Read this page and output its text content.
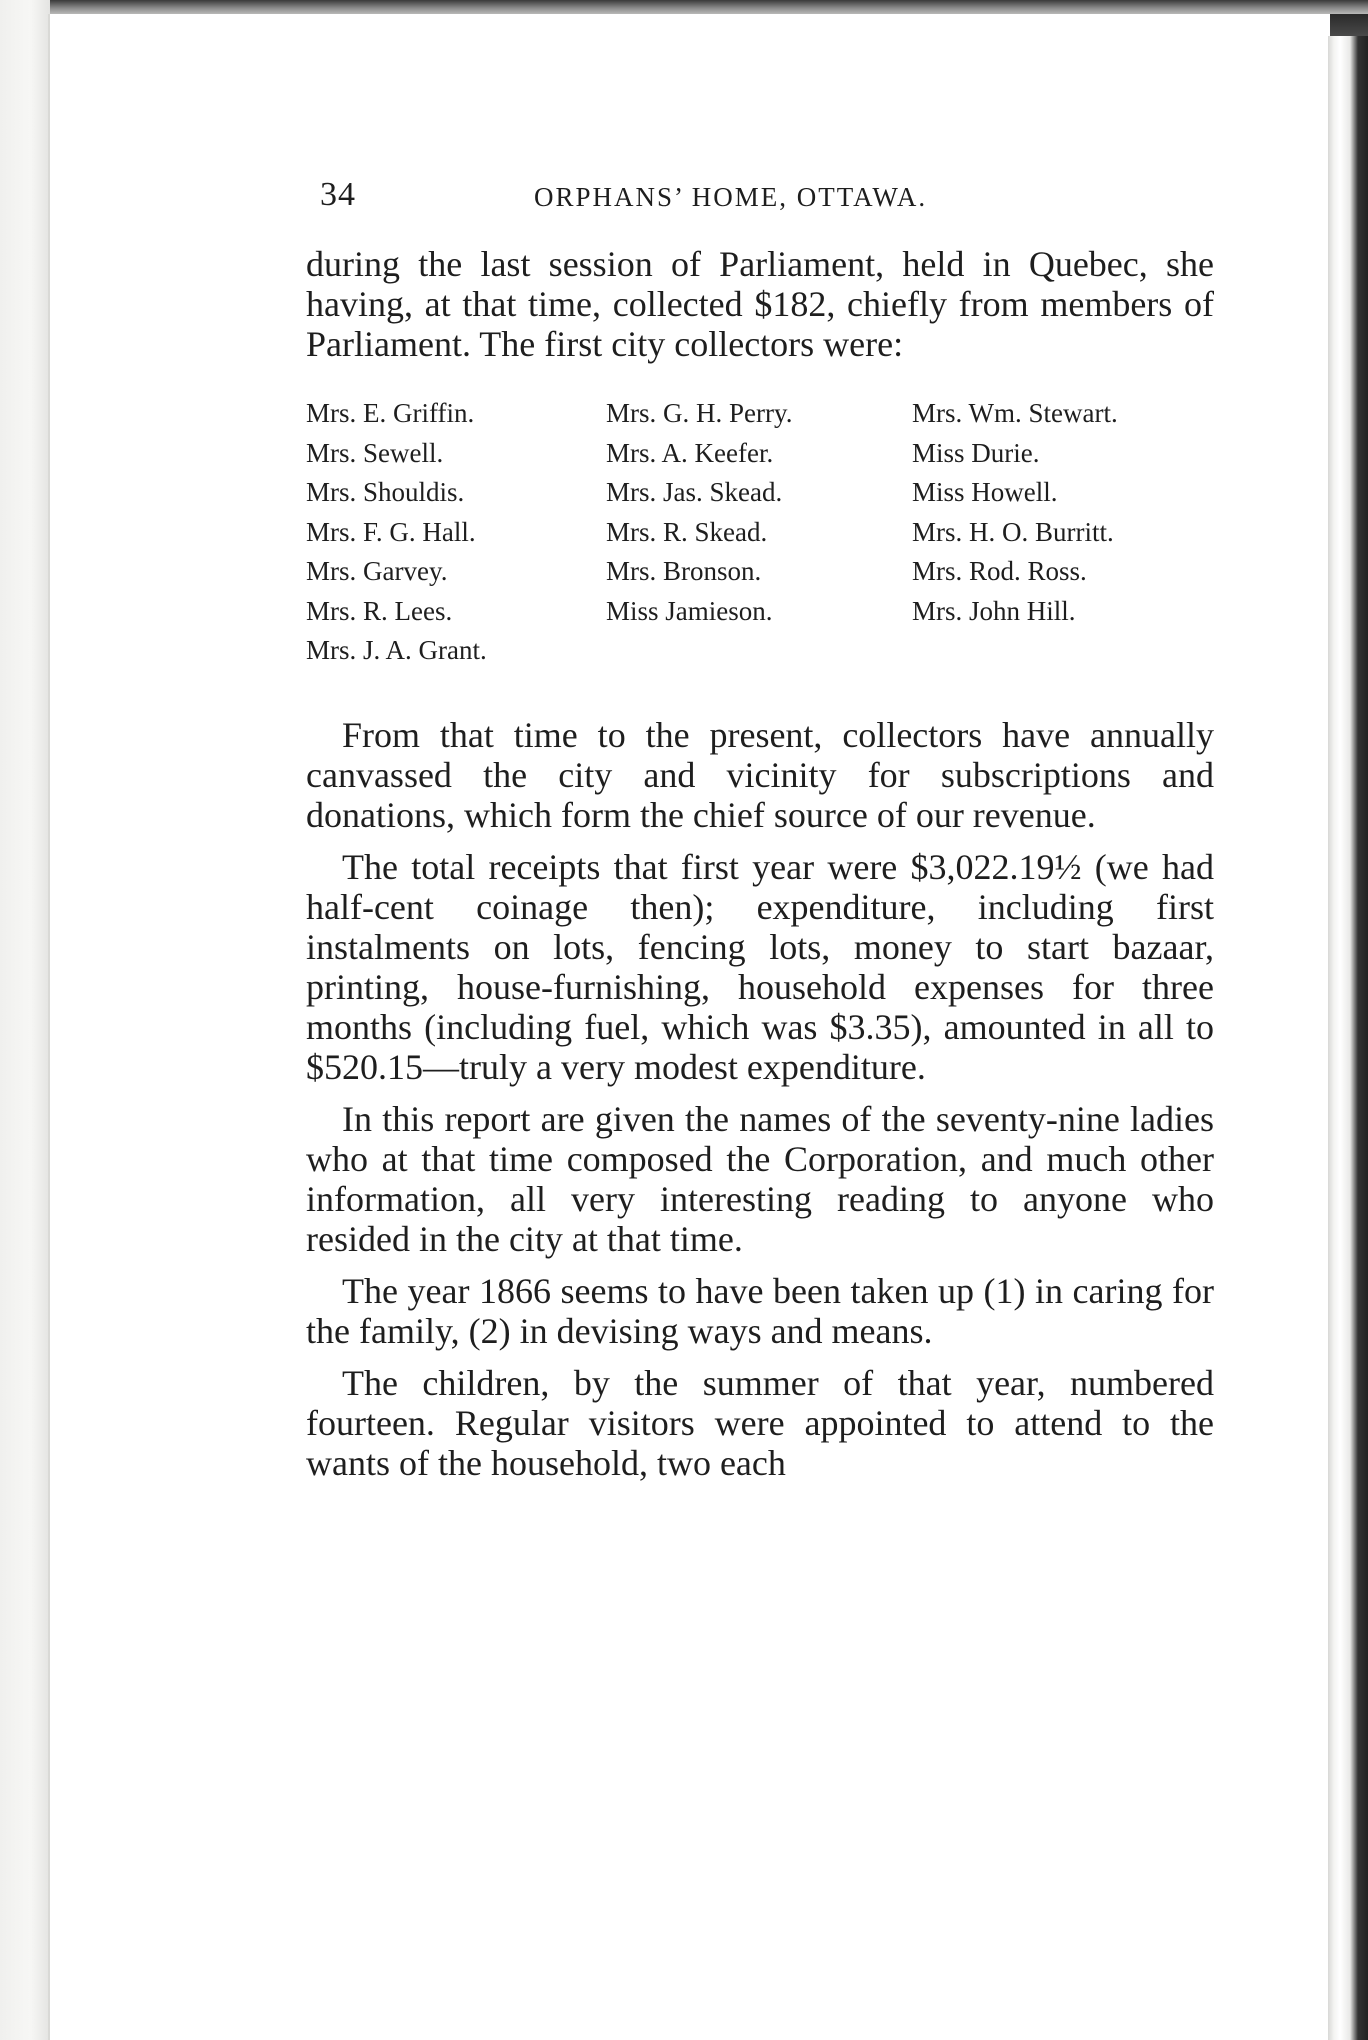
34	ORPHANS’ HOME, OTTAWA.

during the last session of Parliament, held in Quebec, she having, at that time, collected $182, chiefly from members of Parliament. The first city collectors were:

Mrs. E. Griffin.
Mrs. Sewell.
Mrs. Shouldis.
Mrs. F. G. Hall.
Mrs. Garvey.
Mrs. R. Lees.
Mrs. J. A. Grant.
Mrs. G. H. Perry.
Mrs. A. Keefer.
Mrs. Jas. Skead.
Mrs. R. Skead.
Mrs. Bronson.
Miss Jamieson.
Mrs. Wm. Stewart.
Miss Durie.
Miss Howell.
Mrs. H. O. Burritt.
Mrs. Rod. Ross.
Mrs. John Hill.

From that time to the present, collectors have annually canvassed the city and vicinity for subscriptions and donations, which form the chief source of our revenue.

The total receipts that first year were $3,022.19½ (we had half-cent coinage then); expenditure, including first instalments on lots, fencing lots, money to start bazaar, printing, house-furnishing, household expenses for three months (including fuel, which was $3.35), amounted in all to $520.15—truly a very modest expenditure.

In this report are given the names of the seventy-nine ladies who at that time composed the Corporation, and much other information, all very interesting reading to anyone who resided in the city at that time.

The year 1866 seems to have been taken up (1) in caring for the family, (2) in devising ways and means.

The children, by the summer of that year, numbered fourteen. Regular visitors were appointed to attend to the wants of the household, two each
